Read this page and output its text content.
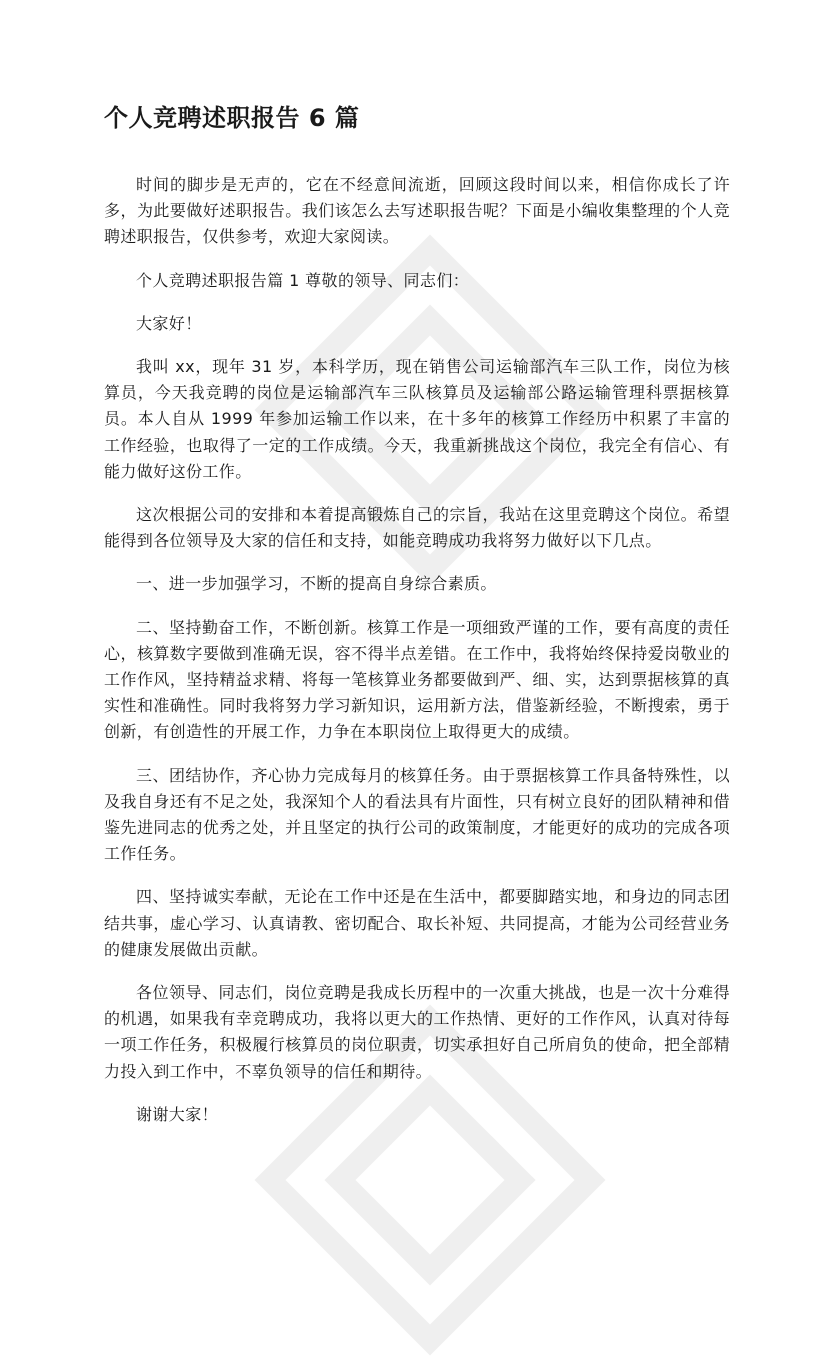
个人竞聘述职报告 6 篇

时间的脚步是无声的，它在不经意间流逝，回顾这段时间以来，相信你成长了许多，为此要做好述职报告。我们该怎么去写述职报告呢？下面是小编收集整理的个人竞聘述职报告，仅供参考，欢迎大家阅读。

个人竞聘述职报告篇 1 尊敬的领导、同志们：

大家好！

我叫 xx，现年 31 岁，本科学历，现在销售公司运输部汽车三队工作，岗位为核算员，今天我竞聘的岗位是运输部汽车三队核算员及运输部公路运输管理科票据核算员。本人自从 1999 年参加运输工作以来，在十多年的核算工作经历中积累了丰富的工作经验，也取得了一定的工作成绩。今天，我重新挑战这个岗位，我完全有信心、有能力做好这份工作。

这次根据公司的安排和本着提高锻炼自己的宗旨，我站在这里竞聘这个岗位。希望能得到各位领导及大家的信任和支持，如能竞聘成功我将努力做好以下几点。

一、进一步加强学习，不断的提高自身综合素质。

二、坚持勤奋工作，不断创新。核算工作是一项细致严谨的工作，要有高度的责任心，核算数字要做到准确无误，容不得半点差错。在工作中，我将始终保持爱岗敬业的工作作风，坚持精益求精、将每一笔核算业务都要做到严、细、实，达到票据核算的真实性和准确性。同时我将努力学习新知识，运用新方法，借鉴新经验，不断搜索，勇于创新，有创造性的开展工作，力争在本职岗位上取得更大的成绩。

三、团结协作，齐心协力完成每月的核算任务。由于票据核算工作具备特殊性，以及我自身还有不足之处，我深知个人的看法具有片面性，只有树立良好的团队精神和借鉴先进同志的优秀之处，并且坚定的执行公司的政策制度，才能更好的成功的完成各项工作任务。

四、坚持诚实奉献，无论在工作中还是在生活中，都要脚踏实地，和身边的同志团结共事，虚心学习、认真请教、密切配合、取长补短、共同提高，才能为公司经营业务的健康发展做出贡献。

各位领导、同志们，岗位竞聘是我成长历程中的一次重大挑战，也是一次十分难得的机遇，如果我有幸竞聘成功，我将以更大的工作热情、更好的工作作风，认真对待每一项工作任务，积极履行核算员的岗位职责，切实承担好自己所肩负的使命，把全部精力投入到工作中，不辜负领导的信任和期待。

谢谢大家！
